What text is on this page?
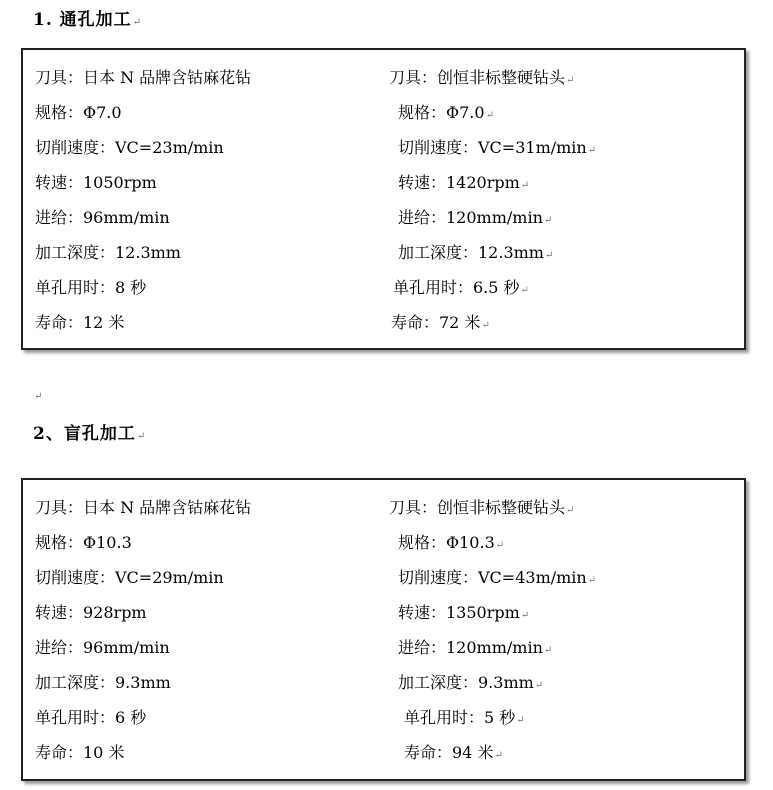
1. 通孔加工↵
刀具：日本 N 品牌含钴麻花钻	刀具：创恒非标整硬钻头↵
规格：Φ7.0	规格：Φ7.0↵
切削速度：VC=23m/min	切削速度：VC=31m/min↵
转速：1050rpm	转速：1420rpm↵
进给：96mm/min	进给：120mm/min↵
加工深度：12.3mm	加工深度：12.3mm↵
单孔用时：8 秒	单孔用时：6.5 秒↵
寿命：12 米	寿命：72 米↵
↵
2、盲孔加工↵
刀具：日本 N 品牌含钴麻花钻	刀具：创恒非标整硬钻头↵
规格：Φ10.3	规格：Φ10.3↵
切削速度：VC=29m/min	切削速度：VC=43m/min↵
转速：928rpm	转速：1350rpm↵
进给：96mm/min	进给：120mm/min↵
加工深度：9.3mm	加工深度：9.3mm↵
单孔用时：6 秒	单孔用时：5 秒↵
寿命：10 米	寿命：94 米↵
